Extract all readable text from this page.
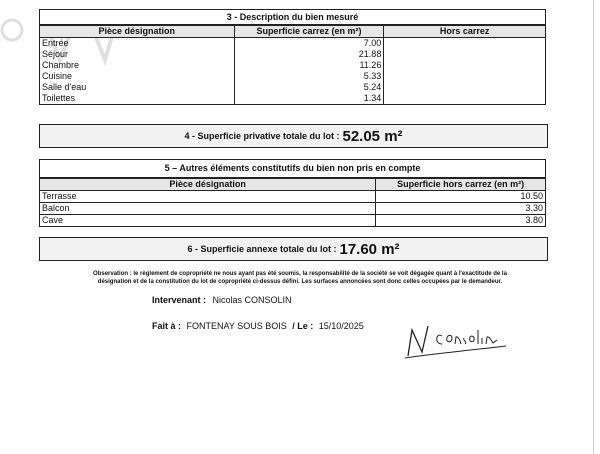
3 - Description du bien mesuré
Pièce désignation	Superficie carrez (en m²)	Hors carrez
Entrée	7.00	
Séjour	21.88	
Chambre	11.26	
Cuisine	5.33	
Salle d'eau	5.24	
Toilettes	1.34	
4 - Superficie privative totale du lot : 52.05 m²
5 – Autres éléments constitutifs du bien non pris en compte
Pièce désignation	Superficie hors carrez (en m²)
Terrasse	10.50
Balcon	3.30
Cave	3.80
6 - Superficie annexe totale du lot : 17.60 m²
Observation : le règlement de copropriété ne nous ayant pas été soumis, la responsabilité de la société se voit dégagée quant à l'exactitude de la
désignation et de la constitution du lot de copropriété ci-dessus défini. Les surfaces annoncées sont donc celles occupées par le demandeur.
Intervenant : Nicolas CONSOLIN
Fait à : FONTENAY SOUS BOIS / Le : 15/10/2025
